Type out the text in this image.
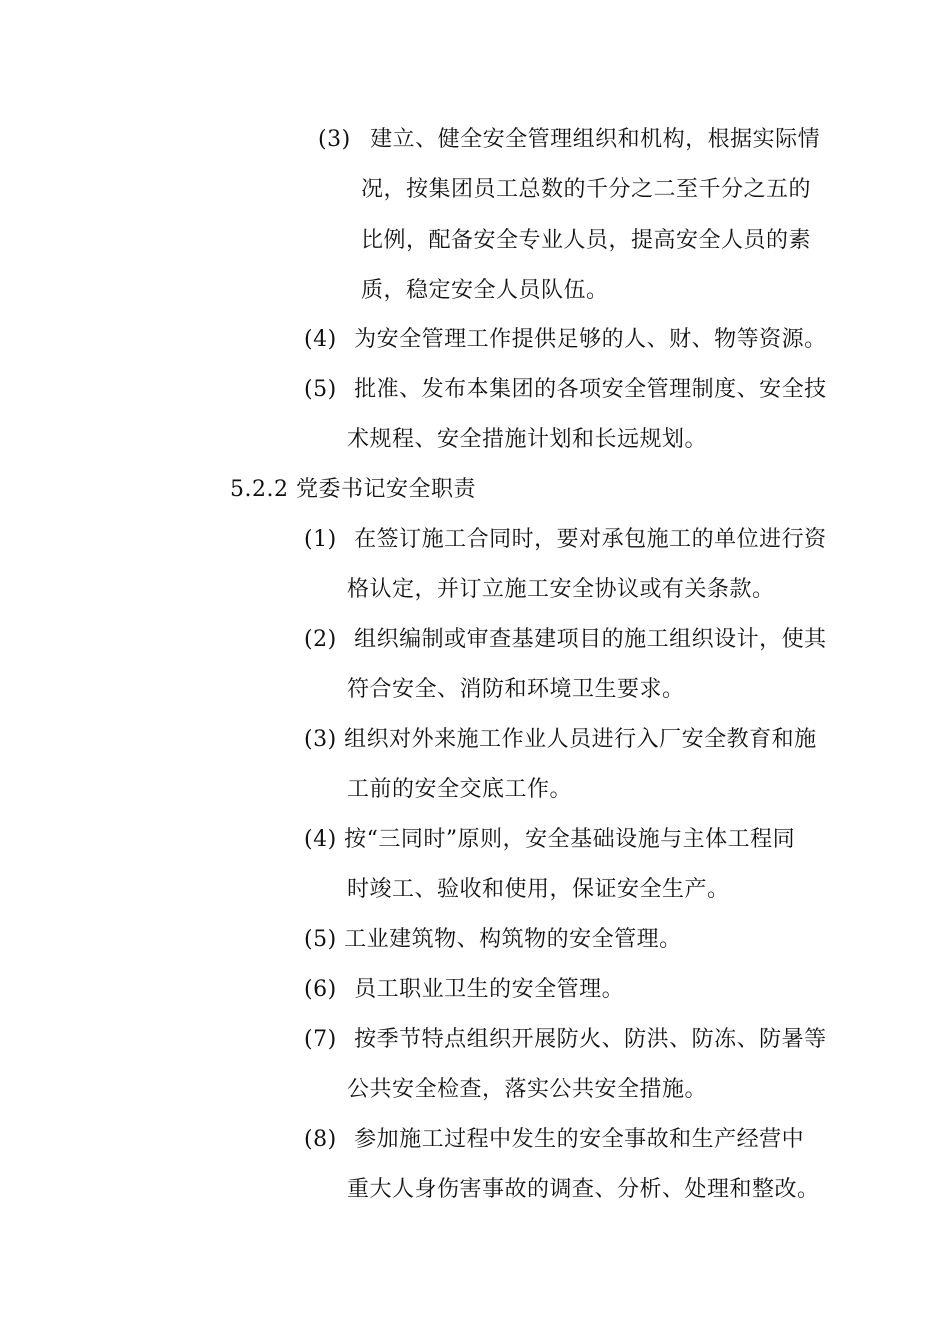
(3) 建立、健全安全管理组织和机构，根据实际情
况，按集团员工总数的千分之二至千分之五的
比例，配备安全专业人员，提高安全人员的素
质，稳定安全人员队伍。
(4) 为安全管理工作提供足够的人、财、物等资源。
(5) 批准、发布本集团的各项安全管理制度、安全技
术规程、安全措施计划和长远规划。
5.2.2 党委书记安全职责
(1) 在签订施工合同时，要对承包施工的单位进行资
格认定，并订立施工安全协议或有关条款。
(2) 组织编制或审查基建项目的施工组织设计，使其
符合安全、消防和环境卫生要求。
(3) 组织对外来施工作业人员进行入厂安全教育和施
工前的安全交底工作。
(4) 按“三同时”原则，安全基础设施与主体工程同
时竣工、验收和使用，保证安全生产。
(5) 工业建筑物、构筑物的安全管理。
(6) 员工职业卫生的安全管理。
(7) 按季节特点组织开展防火、防洪、防冻、防暑等
公共安全检查，落实公共安全措施。
(8) 参加施工过程中发生的安全事故和生产经营中
重大人身伤害事故的调查、分析、处理和整改。
